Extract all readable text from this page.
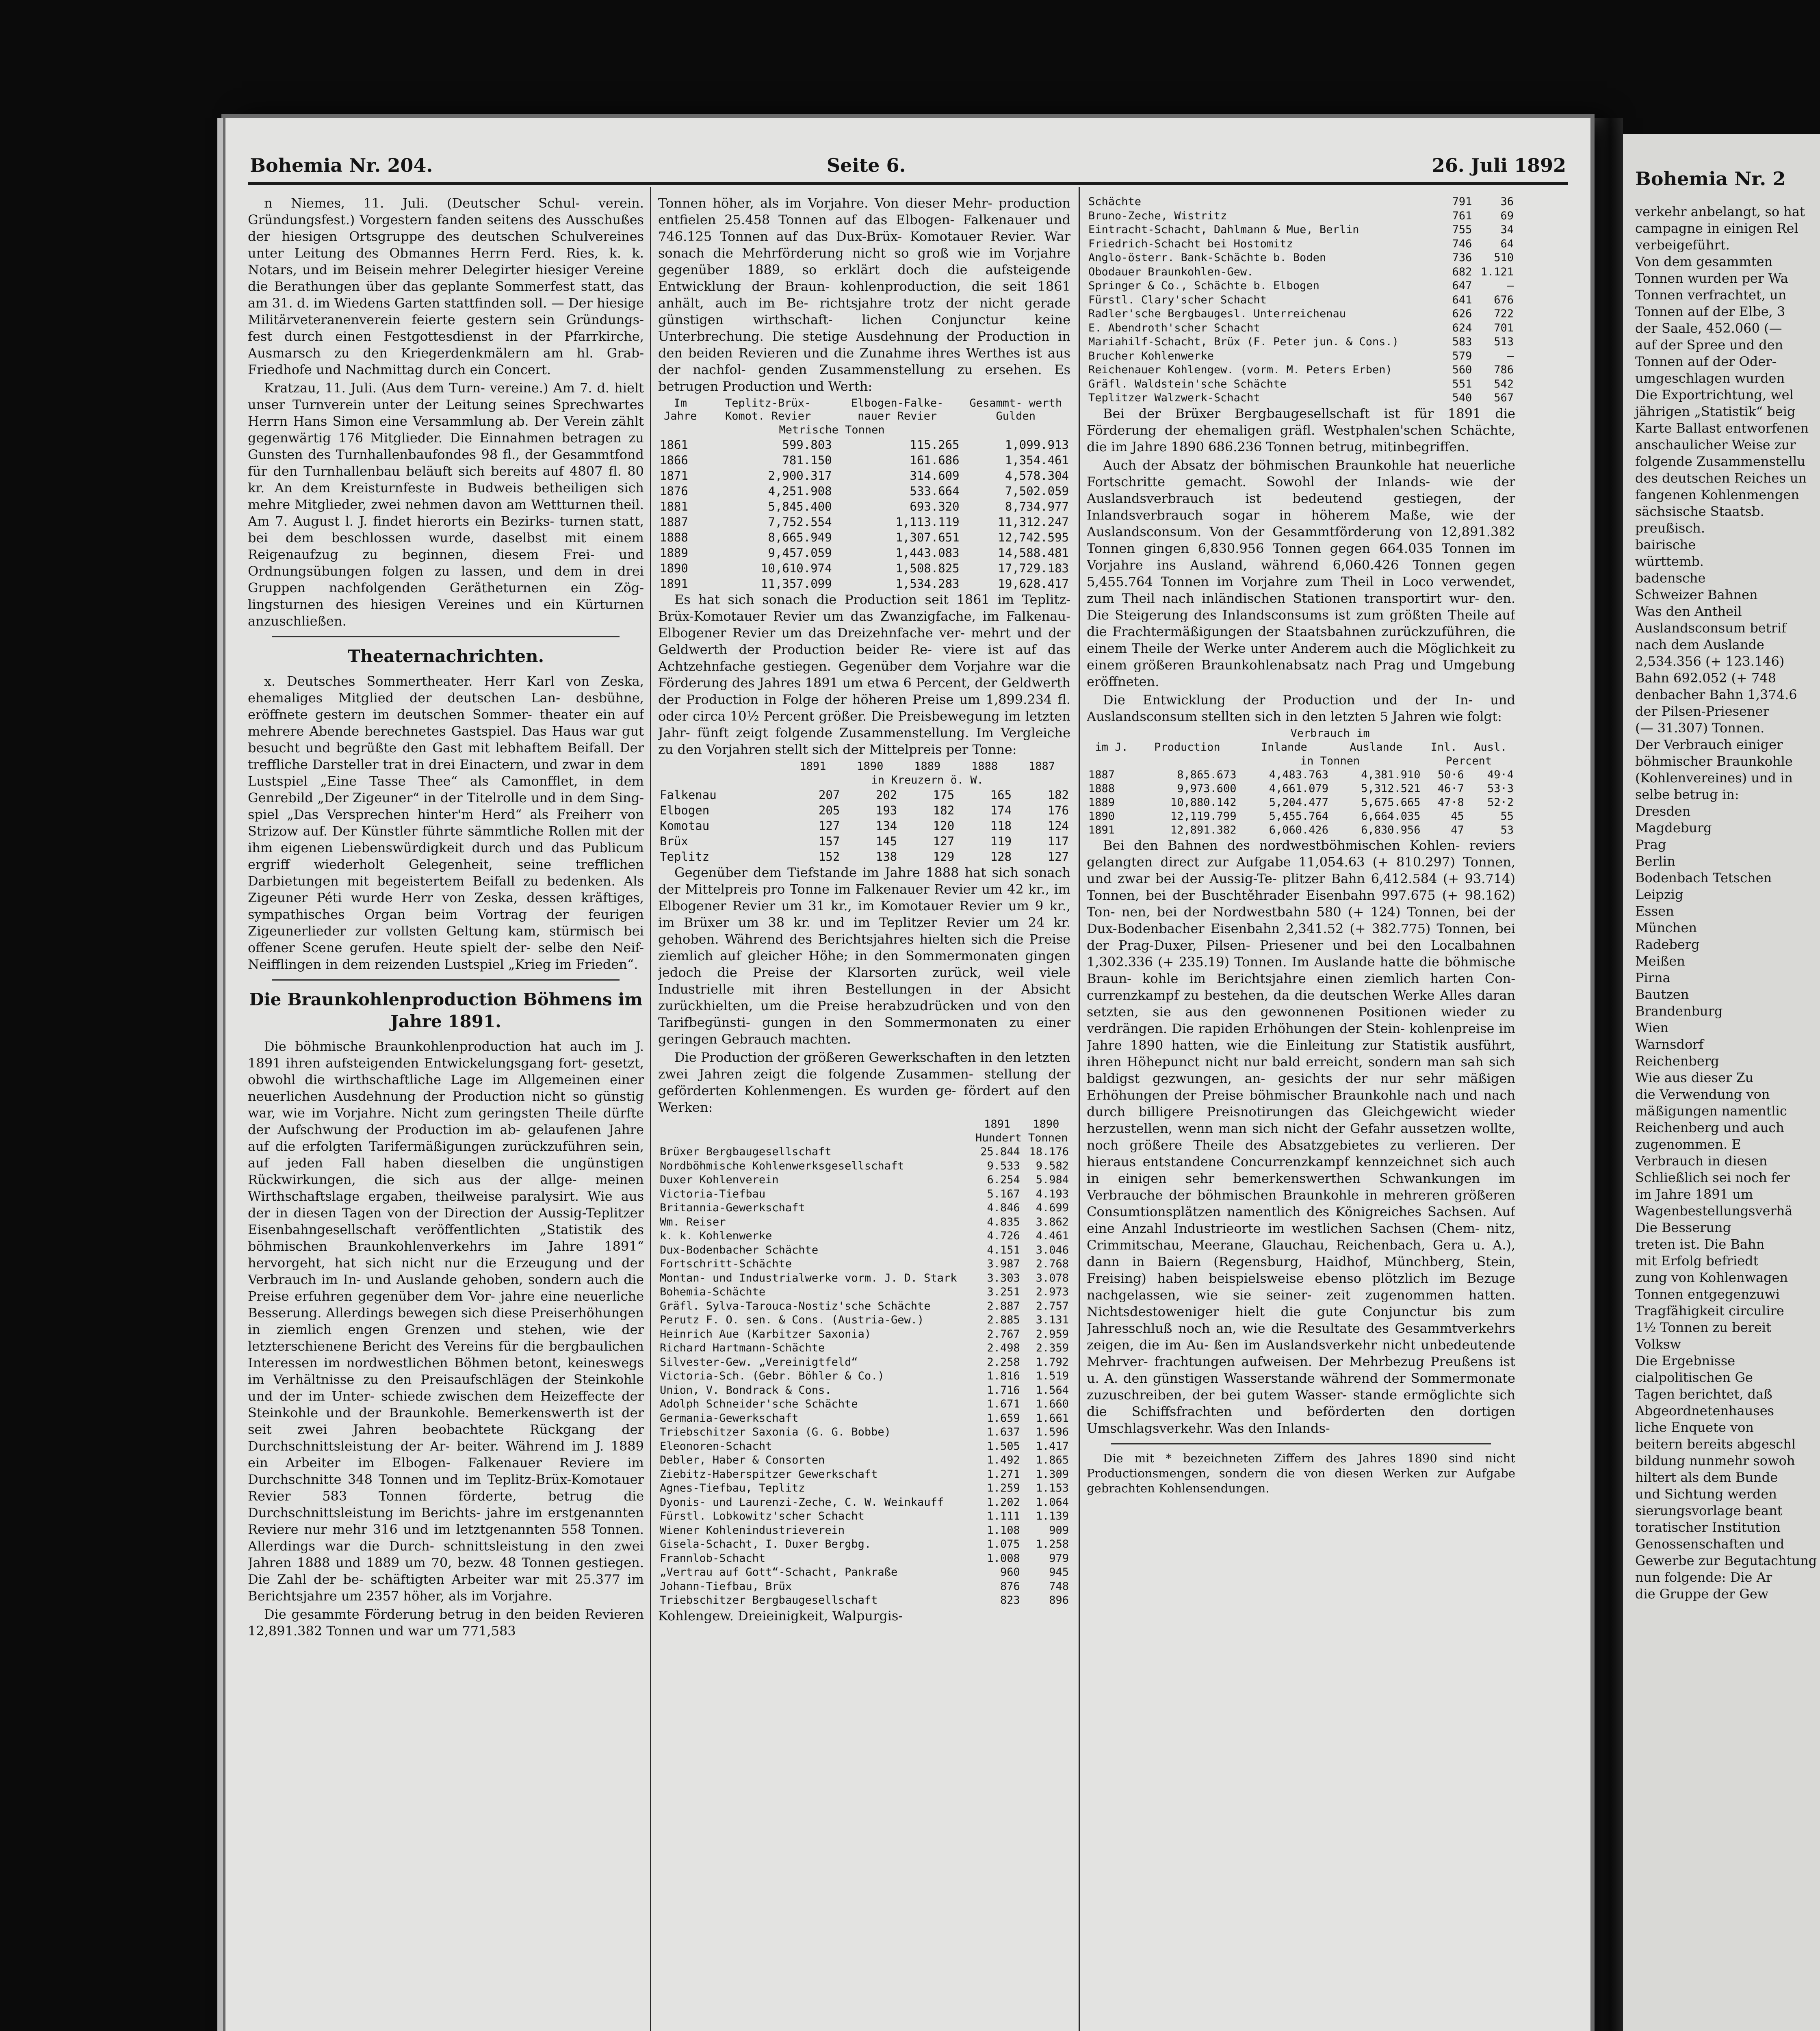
Bohemia Nr. 204.	Seite 6.	26. Juli 1892

n Niemes, 11. Juli. (Deutscher Schul- verein. Gründungsfest.) Vorgestern fanden seitens des Ausschußes der hiesigen Ortsgruppe des deutschen Schulvereines unter Leitung des Obmannes Herrn Ferd. Ries, k. k. Notars, und im Beisein mehrer Delegirter hiesiger Vereine die Berathungen über das geplante Sommerfest statt, das am 31. d. im Wiedens Garten stattfinden soll. — Der hiesige Militärveteranenverein feierte gestern sein Gründungs- fest durch einen Festgottesdienst in der Pfarrkirche, Ausmarsch zu den Kriegerdenkmälern am hl. Grab- Friedhofe und Nachmittag durch ein Concert.

Kratzau, 11. Juli. (Aus dem Turn- vereine.) Am 7. d. hielt unser Turnverein unter der Leitung seines Sprechwartes Herrn Hans Simon eine Versammlung ab. Der Verein zählt gegenwärtig 176 Mitglieder. Die Einnahmen betragen zu Gunsten des Turnhallenbaufondes 98 fl., der Gesammtfond für den Turnhallenbau beläuft sich bereits auf 4807 fl. 80 kr. An dem Kreisturnfeste in Budweis betheiligen sich mehre Mitglieder, zwei nehmen davon am Wettturnen theil. Am 7. August l. J. findet hierorts ein Bezirks- turnen statt, bei dem beschlossen wurde, daselbst mit einem Reigenaufzug zu beginnen, diesem Frei- und Ordnungsübungen folgen zu lassen, und dem in drei Gruppen nachfolgenden Gerätheturnen ein Zög- lingsturnen des hiesigen Vereines und ein Kürturnen anzuschließen.

Theaternachrichten.

x. Deutsches Sommertheater. Herr Karl von Zeska, ehemaliges Mitglied der deutschen Lan- desbühne, eröffnete gestern im deutschen Sommer- theater ein auf mehrere Abende berechnetes Gastspiel. Das Haus war gut besucht und begrüßte den Gast mit lebhaftem Beifall. Der treffliche Darsteller trat in drei Einactern, und zwar in dem Lustspiel „Eine Tasse Thee“ als Camonfflet, in dem Genrebild „Der Zigeuner“ in der Titelrolle und in dem Sing- spiel „Das Versprechen hinter'm Herd“ als Freiherr von Strizow auf. Der Künstler führte sämmtliche Rollen mit der ihm eigenen Liebenswürdigkeit durch und das Publicum ergriff wiederholt Gelegenheit, seine trefflichen Darbietungen mit begeistertem Beifall zu bedenken. Als Zigeuner Péti wurde Herr von Zeska, dessen kräftiges, sympathisches Organ beim Vortrag der feurigen Zigeunerlieder zur vollsten Geltung kam, stürmisch bei offener Scene gerufen. Heute spielt der- selbe den Neif-Neifflingen in dem reizenden Lustspiel „Krieg im Frieden“.

Die Braunkohlenproduction Böhmens im Jahre 1891.

Die böhmische Braunkohlenproduction hat auch im J. 1891 ihren aufsteigenden Entwickelungsgang fort- gesetzt, obwohl die wirthschaftliche Lage im Allgemeinen einer neuerlichen Ausdehnung der Production nicht so günstig war, wie im Vorjahre. Nicht zum geringsten Theile dürfte der Aufschwung der Production im ab- gelaufenen Jahre auf die erfolgten Tarifermäßigungen zurückzuführen sein, auf jeden Fall haben dieselben die ungünstigen Rückwirkungen, die sich aus der allge- meinen Wirthschaftslage ergaben, theilweise paralysirt. Wie aus der in diesen Tagen von der Direction der Aussig-Teplitzer Eisenbahngesellschaft veröffentlichten „Statistik des böhmischen Braunkohlenverkehrs im Jahre 1891“ hervorgeht, hat sich nicht nur die Erzeugung und der Verbrauch im In- und Auslande gehoben, sondern auch die Preise erfuhren gegenüber dem Vor- jahre eine neuerliche Besserung. Allerdings bewegen sich diese Preiserhöhungen in ziemlich engen Grenzen und stehen, wie der letzterschienene Bericht des Vereins für die bergbaulichen Interessen im nordwestlichen Böhmen betont, keineswegs im Verhältnisse zu den Preisaufschlägen der Steinkohle und der im Unter- schiede zwischen dem Heizeffecte der Steinkohle und der Braunkohle. Bemerkenswerth ist der seit zwei Jahren beobachtete Rückgang der Durchschnittsleistung der Ar- beiter. Während im J. 1889 ein Arbeiter im Elbogen- Falkenauer Reviere im Durchschnitte 348 Tonnen und im Teplitz-Brüx-Komotauer Revier 583 Tonnen förderte, betrug die Durchschnittsleistung im Berichts- jahre im erstgenannten Reviere nur mehr 316 und im letztgenannten 558 Tonnen. Allerdings war die Durch- schnittsleistung in den zwei Jahren 1888 und 1889 um 70, bezw. 48 Tonnen gestiegen. Die Zahl der be- schäftigten Arbeiter war mit 25.377 im Berichtsjahre um 2357 höher, als im Vorjahre.

Die gesammte Förderung betrug in den beiden Revieren 12,891.382 Tonnen und war um 771,583

Tonnen höher, als im Vorjahre. Von dieser Mehr- production entfielen 25.458 Tonnen auf das Elbogen- Falkenauer und 746.125 Tonnen auf das Dux-Brüx- Komotauer Revier. War sonach die Mehrförderung nicht so groß wie im Vorjahre gegenüber 1889, so erklärt doch die aufsteigende Entwicklung der Braun- kohlenproduction, die seit 1861 anhält, auch im Be- richtsjahre trotz der nicht gerade günstigen wirthschaft- lichen Conjunctur keine Unterbrechung. Die stetige Ausdehnung der Production in den beiden Revieren und die Zunahme ihres Werthes ist aus der nachfol- genden Zusammenstellung zu ersehen. Es betrugen Production und Werth:

Im Jahre	Teplitz-Brüx- Komot. Revier	Elbogen-Falke- nauer Revier	Gesammt- werth Gulden
	Metrische Tonnen		
1861	599.803	115.265	1,099.913
1866	781.150	161.686	1,354.461
1871	2,900.317	314.609	4,578.304
1876	4,251.908	533.664	7,502.059
1881	5,845.400	693.320	8,734.977
1887	7,752.554	1,113.119	11,312.247
1888	8,665.949	1,307.651	12,742.595
1889	9,457.059	1,443.083	14,588.481
1890	10,610.974	1,508.825	17,729.183
1891	11,357.099	1,534.283	19,628.417

Es hat sich sonach die Production seit 1861 im Teplitz- Brüx-Komotauer Revier um das Zwanzigfache, im Falkenau-Elbogener Revier um das Dreizehnfache ver- mehrt und der Geldwerth der Production beider Re- viere ist auf das Achtzehnfache gestiegen. Gegenüber dem Vorjahre war die Förderung des Jahres 1891 um etwa 6 Percent, der Geldwerth der Production in Folge der höheren Preise um 1,899.234 fl. oder circa 10½ Percent größer. Die Preisbewegung im letzten Jahr- fünft zeigt folgende Zusammenstellung. Im Vergleiche zu den Vorjahren stellt sich der Mittelpreis per Tonne:

	1891	1890	1889	1888	1887
	in Kreuzern ö. W.				
Falkenau	207	202	175	165	182
Elbogen	205	193	182	174	176
Komotau	127	134	120	118	124
Brüx	157	145	127	119	117
Teplitz	152	138	129	128	127

Gegenüber dem Tiefstande im Jahre 1888 hat sich sonach der Mittelpreis pro Tonne im Falkenauer Revier um 42 kr., im Elbogener Revier um 31 kr., im Komotauer Revier um 9 kr., im Brüxer um 38 kr. und im Teplitzer Revier um 24 kr. gehoben. Während des Berichtsjahres hielten sich die Preise ziemlich auf gleicher Höhe; in den Sommermonaten gingen jedoch die Preise der Klarsorten zurück, weil viele Industrielle mit ihren Bestellungen in der Absicht zurückhielten, um die Preise herabzudrücken und von den Tarifbegünsti- gungen in den Sommermonaten zu einer geringen Gebrauch machten.

Die Production der größeren Gewerkschaften in den letzten zwei Jahren zeigt die folgende Zusammen- stellung der geförderten Kohlenmengen. Es wurden ge- fördert auf den Werken:

	1891	1890
	Hundert Tonnen	
Brüxer Bergbaugesellschaft	25.844	18.176
Nordböhmische Kohlenwerksgesellschaft	9.533	9.582
Duxer Kohlenverein	6.254	5.984
Victoria-Tiefbau	5.167	4.193
Britannia-Gewerkschaft	4.846	4.699
Wm. Reiser	4.835	3.862
k. k. Kohlenwerke	4.726	4.461
Dux-Bodenbacher Schächte	4.151	3.046
Fortschritt-Schächte	3.987	2.768
Montan- und Industrialwerke vorm. J. D. Stark	3.303	3.078
Bohemia-Schächte	3.251	2.973
Gräfl. Sylva-Tarouca-Nostiz'sche Schächte	2.887	2.757
Perutz F. O. sen. & Cons. (Austria-Gew.)	2.885	3.131
Heinrich Aue (Karbitzer Saxonia)	2.767	2.959
Richard Hartmann-Schächte	2.498	2.359
Silvester-Gew. „Vereinigtfeld“	2.258	1.792
Victoria-Sch. (Gebr. Böhler & Co.)	1.816	1.519
Union, V. Bondrack & Cons.	1.716	1.564
Adolph Schneider'sche Schächte	1.671	1.660
Germania-Gewerkschaft	1.659	1.661
Triebschitzer Saxonia (G. G. Bobbe)	1.637	1.596
Eleonoren-Schacht	1.505	1.417
Debler, Haber & Consorten	1.492	1.865
Ziebitz-Haberspitzer Gewerkschaft	1.271	1.309
Agnes-Tiefbau, Teplitz	1.259	1.153
Dyonis- und Laurenzi-Zeche, C. W. Weinkauff	1.202	1.064
Fürstl. Lobkowitz'scher Schacht	1.111	1.139
Wiener Kohlenindustrieverein	1.108	909
Gisela-Schacht, I. Duxer Bergbg.	1.075	1.258
Frannlob-Schacht	1.008	979
„Vertrau auf Gott“-Schacht, Pankraße	960	945
Johann-Tiefbau, Brüx	876	748
Triebschitzer Bergbaugesellschaft	823	896

Kohlengew. Dreieinigkeit, Walpurgis-

Schächte	791	36
Bruno-Zeche, Wistritz	761	69
Eintracht-Schacht, Dahlmann & Mue, Berlin	755	34
Friedrich-Schacht bei Hostomitz	746	64
Anglo-österr. Bank-Schächte b. Boden	736	510
Obodauer Braunkohlen-Gew.	682	1.121
Springer & Co., Schächte b. Elbogen	647	—
Fürstl. Clary'scher Schacht	641	676
Radler'sche Bergbaugesl. Unterreichenau	626	722
E. Abendroth'scher Schacht	624	701
Mariahilf-Schacht, Brüx (F. Peter jun. & Cons.)	583	513
Brucher Kohlenwerke	579	—
Reichenauer Kohlengew. (vorm. M. Peters Erben)	560	786
Gräfl. Waldstein'sche Schächte	551	542
Teplitzer Walzwerk-Schacht	540	567

Bei der Brüxer Bergbaugesellschaft ist für 1891 die Förderung der ehemaligen gräfl. Westphalen'schen Schächte, die im Jahre 1890 686.236 Tonnen betrug, mitinbegriffen.

Auch der Absatz der böhmischen Braunkohle hat neuerliche Fortschritte gemacht. Sowohl der Inlands- wie der Auslandsverbrauch ist bedeutend gestiegen, der Inlandsverbrauch sogar in höherem Maße, wie der Auslandsconsum. Von der Gesammtförderung von 12,891.382 Tonnen gingen 6,830.956 Tonnen gegen 664.035 Tonnen im Vorjahre ins Ausland, während 6,060.426 Tonnen gegen 5,455.764 Tonnen im Vorjahre zum Theil in Loco verwendet, zum Theil nach inländischen Stationen transportirt wur- den. Die Steigerung des Inlandsconsums ist zum größten Theile auf die Frachtermäßigungen der Staatsbahnen zurückzuführen, die einem Theile der Werke unter Anderem auch die Möglichkeit zu einem größeren Braunkohlenabsatz nach Prag und Umgebung eröffneten.

Die Entwicklung der Production und der In- und Auslandsconsum stellten sich in den letzten 5 Jahren wie folgt:

		Verbrauch im			
im J.	Production	Inlande	Auslande	Inl.	Ausl.
		in Tonnen		Percent	
1887	8,865.673	4,483.763	4,381.910	50·6	49·4
1888	9,973.600	4,661.079	5,312.521	46·7	53·3
1889	10,880.142	5,204.477	5,675.665	47·8	52·2
1890	12,119.799	5,455.764	6,664.035	45	55
1891	12,891.382	6,060.426	6,830.956	47	53

Bei den Bahnen des nordwestböhmischen Kohlen- reviers gelangten direct zur Aufgabe 11,054.63 (+ 810.297) Tonnen, und zwar bei der Aussig-Te- plitzer Bahn 6,412.584 (+ 93.714) Tonnen, bei der Buschtěhrader Eisenbahn 997.675 (+ 98.162) Ton- nen, bei der Nordwestbahn 580 (+ 124) Tonnen, bei der Dux-Bodenbacher Eisenbahn 2,341.52 (+ 382.775) Tonnen, bei der Prag-Duxer, Pilsen- Priesener und bei den Localbahnen 1,302.336 (+ 235.19) Tonnen. Im Auslande hatte die böhmische Braun- kohle im Berichtsjahre einen ziemlich harten Con- currenzkampf zu bestehen, da die deutschen Werke Alles daran setzten, sie aus den gewonnenen Positionen wieder zu verdrängen. Die rapiden Erhöhungen der Stein- kohlenpreise im Jahre 1890 hatten, wie die Einleitung zur Statistik ausführt, ihren Höhepunct nicht nur bald erreicht, sondern man sah sich baldigst gezwungen, an- gesichts der nur sehr mäßigen Erhöhungen der Preise böhmischer Braunkohle nach und nach durch billigere Preisnotirungen das Gleichgewicht wieder herzustellen, wenn man sich nicht der Gefahr aussetzen wollte, noch größere Theile des Absatzgebietes zu verlieren. Der hieraus entstandene Concurrenzkampf kennzeichnet sich auch in einigen sehr bemerkenswerthen Schwankungen im Verbrauche der böhmischen Braunkohle in mehreren größeren Consumtionsplätzen namentlich des Königreiches Sachsen. Auf eine Anzahl Industrieorte im westlichen Sachsen (Chem- nitz, Crimmitschau, Meerane, Glauchau, Reichenbach, Gera u. A.), dann in Baiern (Regensburg, Haidhof, Münchberg, Stein, Freising) haben beispielsweise ebenso plötzlich im Bezuge nachgelassen, wie sie seiner- zeit zugenommen hatten. Nichtsdestoweniger hielt die gute Conjunctur bis zum Jahresschluß noch an, wie die Resultate des Gesammtverkehrs zeigen, die im Au- ßen im Auslandsverkehr nicht unbedeutende Mehrver- frachtungen aufweisen. Der Mehrbezug Preußens ist u. A. den günstigen Wasserstande während der Sommermonate zuzuschreiben, der bei gutem Wasser- stande ermöglichte sich die Schiffsfrachten und beförderten den dortigen Umschlagsverkehr. Was den Inlands-

Die mit * bezeichneten Ziffern des Jahres 1890 sind nicht Productionsmengen, sondern die von diesen Werken zur Aufgabe gebrachten Kohlensendungen.

Bohemia Nr. 2
verkehr anbelangt, so hat
campagne in einigen Rel
verbeigeführt.
Von dem gesammten
Tonnen wurden per Wa
Tonnen verfrachtet, un
Tonnen auf der Elbe, 3
der Saale, 452.060 (—
auf der Spree und den
Tonnen auf der Oder-
umgeschlagen wurden
Die Exportrichtung, wel
jährigen „Statistik“ beig
Karte Ballast entworfenen
anschaulicher Weise zur
folgende Zusammenstellu
des deutschen Reiches un
fangenen Kohlenmengen
sächsische Staatsb.
preußisch.
bairische
württemb.
badensche
Schweizer Bahnen
Was den Antheil
Auslandsconsum betrif
nach dem Auslande
2,534.356 (+ 123.146)
Bahn 692.052 (+ 748
denbacher Bahn 1,374.6
der Pilsen-Priesener
(— 31.307) Tonnen.
Der Verbrauch einiger
böhmischer Braunkohle
(Kohlenvereines) und in
selbe betrug in:
Dresden
Magdeburg
Prag
Berlin
Bodenbach Tetschen
Leipzig
Essen
München
Radeberg
Meißen
Pirna
Bautzen
Brandenburg
Wien
Warnsdorf
Reichenberg
Wie aus dieser Zu
die Verwendung von
mäßigungen namentlic
Reichenberg und auch
zugenommen. E
Verbrauch in diesen
Schließlich sei noch fer
im Jahre 1891 um
Wagenbestellungsverhä
Die Besserung
treten ist. Die Bahn
mit Erfolg befriedt
zung von Kohlenwagen
Tonnen entgegenzuwi
Tragfähigkeit circulire
1½ Tonnen zu bereit
Volksw
Die Ergebnisse
cialpolitischen Ge
Tagen berichtet, daß
Abgeordnetenhauses
liche Enquete von
beitern bereits abgeschl
bildung nunmehr sowoh
hiltert als dem Bunde
und Sichtung werden
sierungsvorlage beant
toratischer Institution
Genossenschaften und
Gewerbe zur Begutachtung
nun folgende: Die Ar
die Gruppe der Gew
